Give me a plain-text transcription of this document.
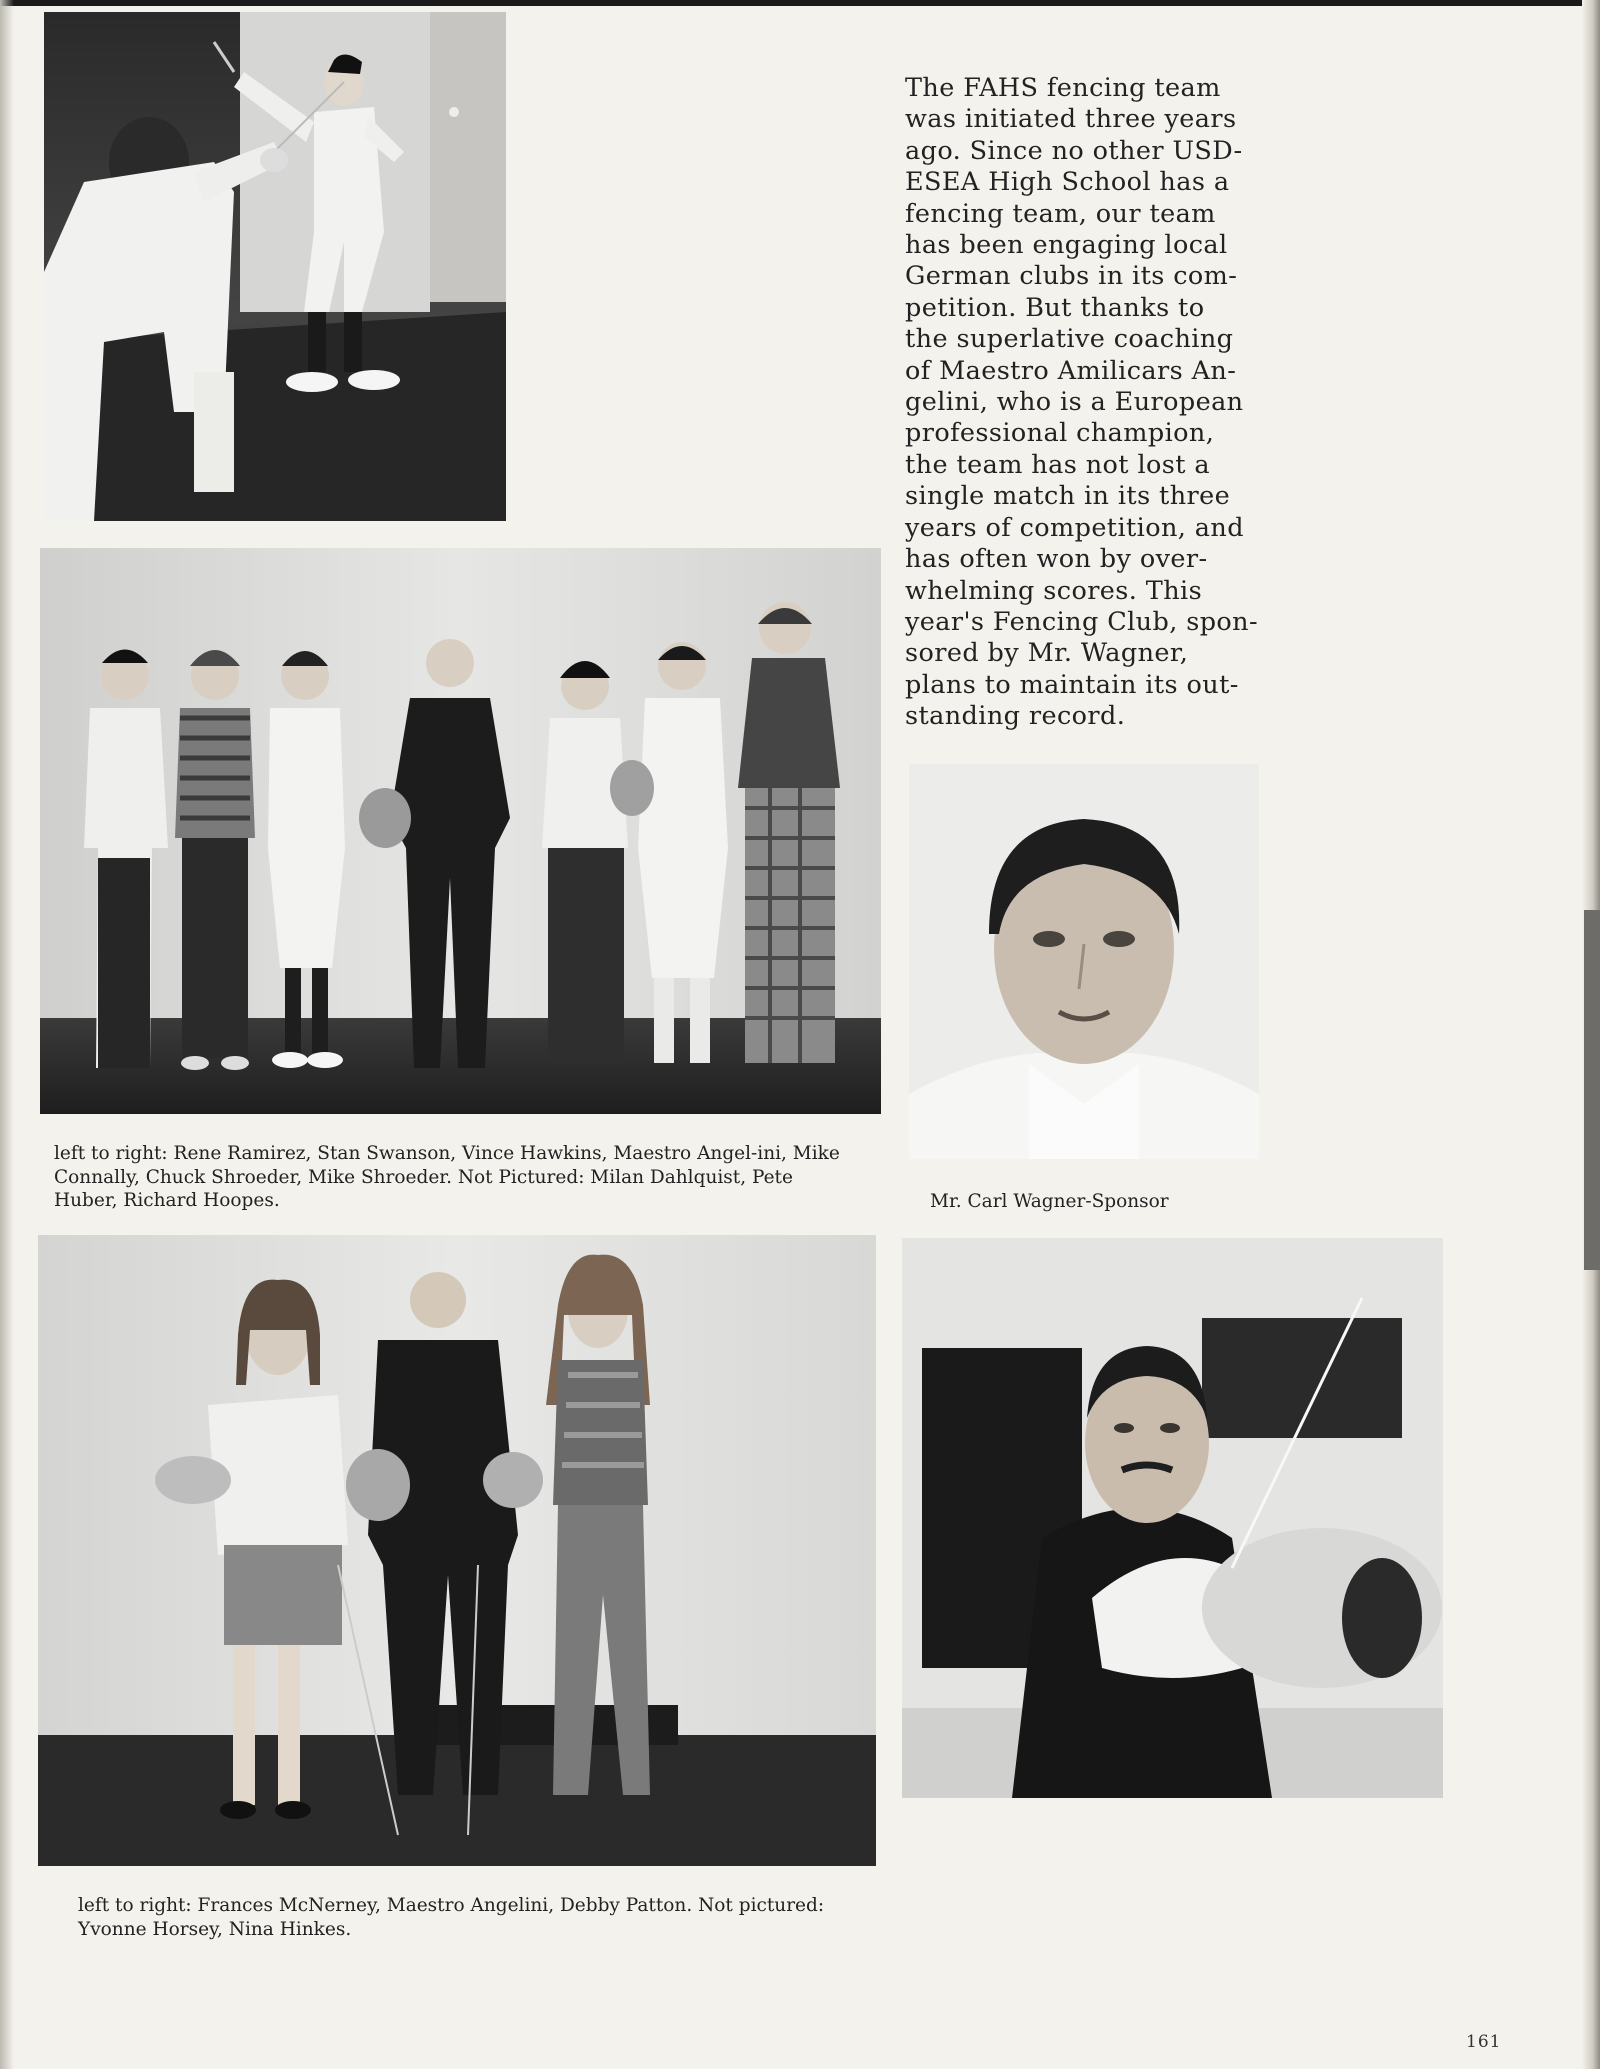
The FAHS fencing team
was initiated three years
ago. Since no other USD-
ESEA High School has a
fencing team, our team
has been engaging local
German clubs in its com-
petition. But thanks to
the superlative coaching
of Maestro Amilicars An-
gelini, who is a European
professional champion,
the team has not lost a
single match in its three
years of competition, and
has often won by over-
whelming scores. This
year's Fencing Club, spon-
sored by Mr. Wagner,
plans to maintain its out-
standing record.
left to right: Rene Ramirez, Stan Swanson, Vince Hawkins, Maestro Angel-ini, Mike Connally, Chuck Shroeder, Mike Shroeder. Not Pictured: Milan Dahlquist, Pete Huber, Richard Hoopes.	Mr. Carl Wagner-Sponsor
left to right: Frances McNerney, Maestro Angelini, Debby Patton. Not pictured: Yvonne Horsey, Nina Hinkes.
161
